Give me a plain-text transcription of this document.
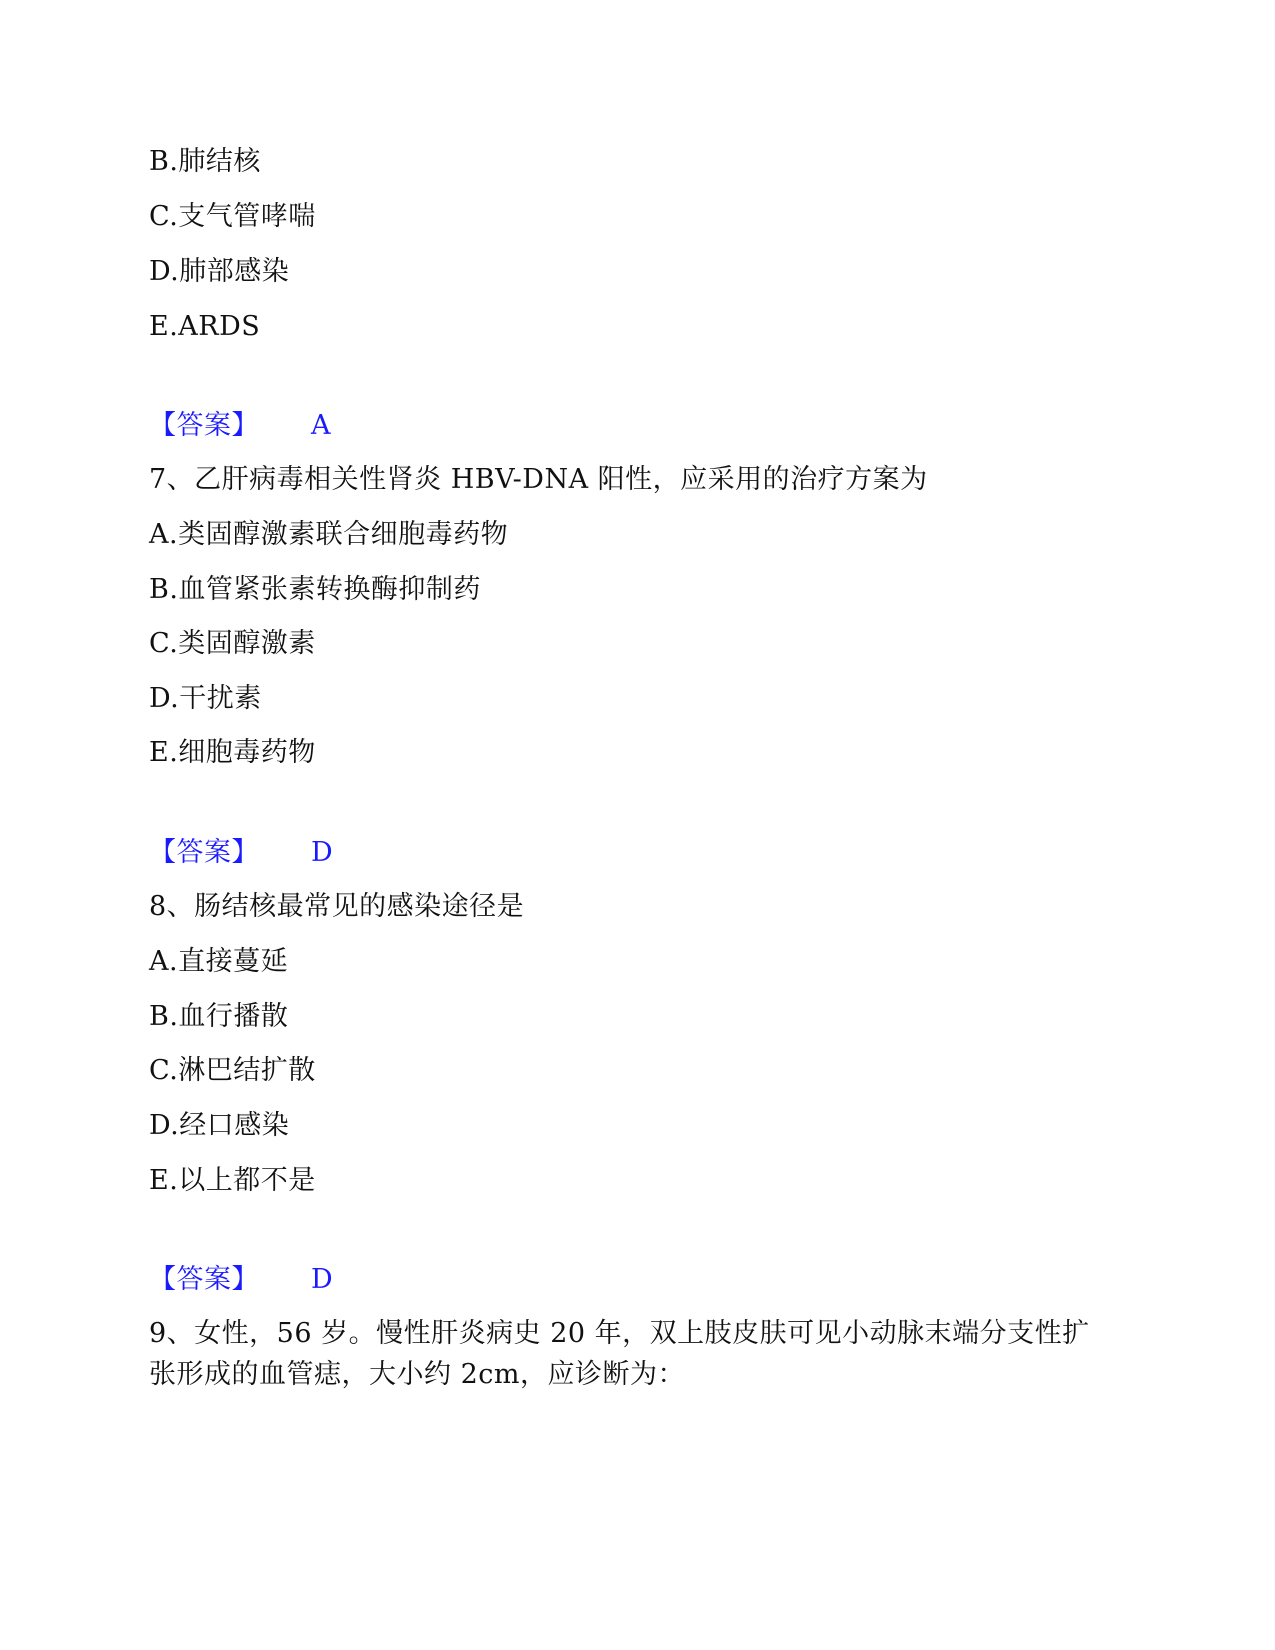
B.肺结核
C.支气管哮喘
D.肺部感染
E.ARDS
【答案】 A
7、乙肝病毒相关性肾炎 HBV-DNA 阳性，应采用的治疗方案为
A.类固醇激素联合细胞毒药物
B.血管紧张素转换酶抑制药
C.类固醇激素
D.干扰素
E.细胞毒药物
【答案】 D
8、肠结核最常见的感染途径是
A.直接蔓延
B.血行播散
C.淋巴结扩散
D.经口感染
E.以上都不是
【答案】 D
9、女性，56 岁。慢性肝炎病史 20 年，双上肢皮肤可见小动脉末端分支性扩
张形成的血管痣，大小约 2cm，应诊断为：
